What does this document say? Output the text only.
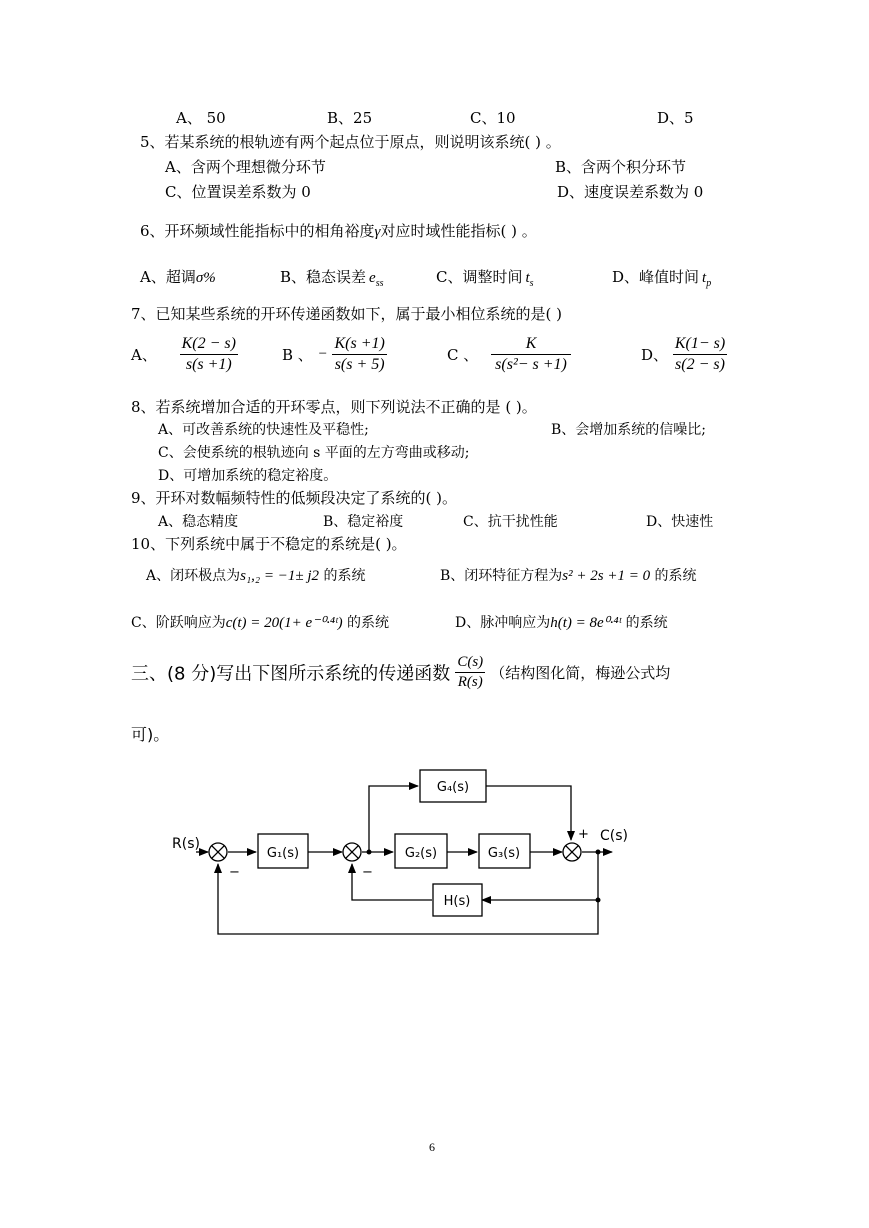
A、 50	B、25	C、10	D、5
5、若某系统的根轨迹有两个起点位于原点，则说明该系统( ) 。
A、含两个理想微分环节	B、含两个积分环节
C、位置误差系数为 0	D、速度误差系数为 0
6、开环频域性能指标中的相角裕度γ对应时域性能指标( ) 。
A、超调σ%	B、稳态误差 $e_{ss}$	C、调整时间 $t_s$	D、峰值时间 $t_p$
7、已知某些系统的开环传递函数如下，属于最小相位系统的是( )
A、 $\frac{K(2 - s)}{s(s +1)}$	B 、 − $\frac{K(s +1)}{s(s + 5)}$	C 、 $\frac{K}{\text{s(s²− s +1)}}$	D、 $\frac{K(1- s)}{s(2 - s)}$
8、若系统增加合适的开环零点，则下列说法不正确的是 ( )。
A、可改善系统的快速性及平稳性;	B、会增加系统的信噪比;
C、会使系统的根轨迹向 s 平面的左方弯曲或移动;
D、可增加系统的稳定裕度。
9、开环对数幅频特性的低频段决定了系统的( )。
A、稳态精度	B、稳定裕度	C、抗干扰性能	D、快速性
10、下列系统中属于不稳定的系统是( )。
A、闭环极点为s₁,₂ = −1± j2 的系统	B、闭环特征方程为s² + 2s +1 = 0 的系统
C、阶跃响应为c(t) = 20(1+ e⁻⁰·⁴ᵗ) 的系统	D、脉冲响应为h(t) = 8e⁰·⁴ᵗ 的系统
三、(8 分)写出下图所示系统的传递函数 $\frac{C(s)}{R(s)}$ （结构图化简，梅逊公式均
可)。
G₁(s)	G₂(s)	G₃(s)
G₄(s)
H(s)
R(s)	C(s)
−	−
+
6
